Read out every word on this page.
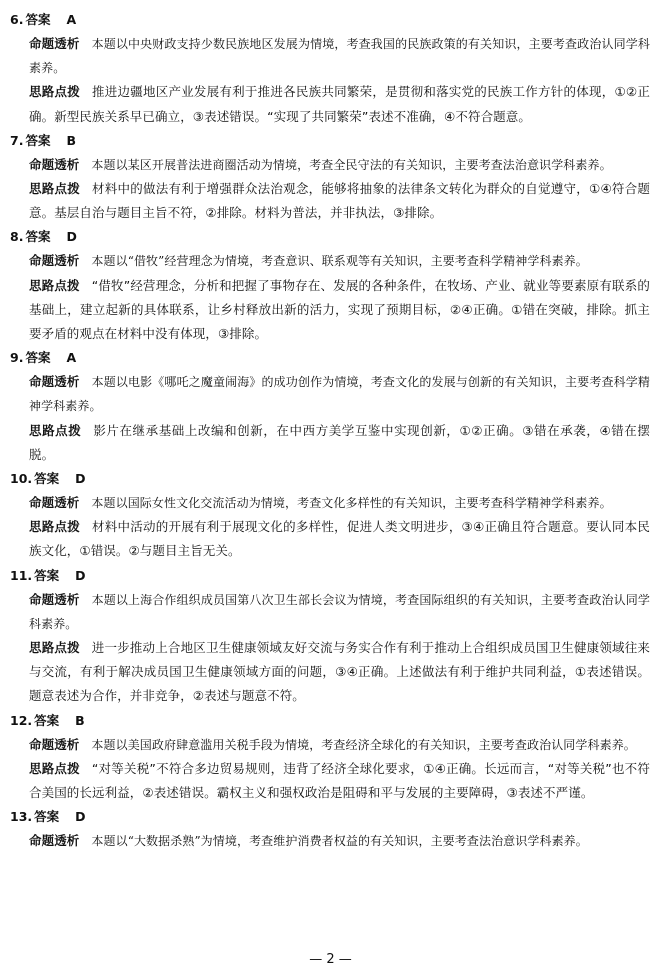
6. 答案 A
命题透析 本题以中央财政支持少数民族地区发展为情境，考查我国的民族政策的有关知识，主要考查政治认同学科素养。
思路点拨 推进边疆地区产业发展有利于推进各民族共同繁荣，是贯彻和落实党的民族工作方针的体现，①②正确。新型民族关系早已确立，③表述错误。“实现了共同繁荣”表述不准确，④不符合题意。
7. 答案 B
命题透析 本题以某区开展普法进商圈活动为情境，考查全民守法的有关知识，主要考查法治意识学科素养。
思路点拨 材料中的做法有利于增强群众法治观念，能够将抽象的法律条文转化为群众的自觉遵守，①④符合题意。基层自治与题目主旨不符，②排除。材料为普法，并非执法，③排除。
8. 答案 D
命题透析 本题以“借牧”经营理念为情境，考查意识、联系观等有关知识，主要考查科学精神学科素养。
思路点拨 “借牧”经营理念，分析和把握了事物存在、发展的各种条件，在牧场、产业、就业等要素原有联系的基础上，建立起新的具体联系，让乡村释放出新的活力，实现了预期目标，②④正确。①错在突破，排除。抓主要矛盾的观点在材料中没有体现，③排除。
9. 答案 A
命题透析 本题以电影《哪吒之魔童闹海》的成功创作为情境，考查文化的发展与创新的有关知识，主要考查科学精神学科素养。
思路点拨 影片在继承基础上改编和创新，在中西方美学互鉴中实现创新，①②正确。③错在承袭，④错在摆脱。
10. 答案 D
命题透析 本题以国际女性文化交流活动为情境，考查文化多样性的有关知识，主要考查科学精神学科素养。
思路点拨 材料中活动的开展有利于展现文化的多样性，促进人类文明进步，③④正确且符合题意。要认同本民族文化，①错误。②与题目主旨无关。
11. 答案 D
命题透析 本题以上海合作组织成员国第八次卫生部长会议为情境，考查国际组织的有关知识，主要考查政治认同学科素养。
思路点拨 进一步推动上合地区卫生健康领域友好交流与务实合作有利于推动上合组织成员国卫生健康领域往来与交流，有利于解决成员国卫生健康领域方面的问题，③④正确。上述做法有利于维护共同利益，①表述错误。题意表述为合作，并非竞争，②表述与题意不符。
12. 答案 B
命题透析 本题以美国政府肆意滥用关税手段为情境，考查经济全球化的有关知识，主要考查政治认同学科素养。
思路点拨 “对等关税”不符合多边贸易规则，违背了经济全球化要求，①④正确。长远而言，“对等关税”也不符合美国的长远利益，②表述错误。霸权主义和强权政治是阻碍和平与发展的主要障碍，③表述不严谨。
13. 答案 D
命题透析 本题以“大数据杀熟”为情境，考查维护消费者权益的有关知识，主要考查法治意识学科素养。
— 2 —
